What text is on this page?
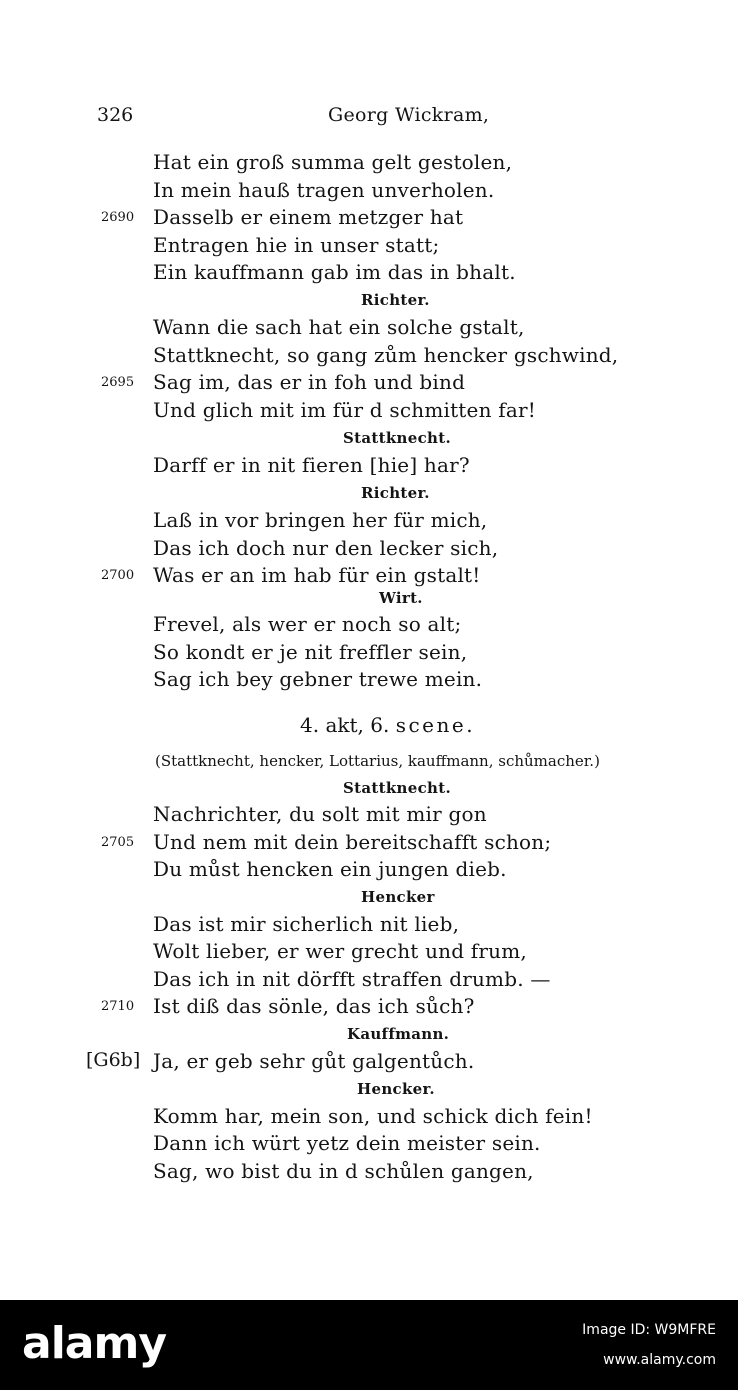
326	Georg Wickram,
Hat ein groß summa gelt gestolen,
In mein hauß tragen unverholen.
2690 Dasselb er einem metzger hat
Entragen hie in unser statt;
Ein kauffmann gab im das in bhalt.
Richter.
Wann die sach hat ein solche gstalt,
Stattknecht, so gang zům hencker gschwind,
2695 Sag im, das er in foh und bind
Und glich mit im für d schmitten far!
Stattknecht.
Darff er in nit fieren [hie] har?
Richter.
Laß in vor bringen her für mich,
Das ich doch nur den lecker sich,
2700 Was er an im hab für ein gstalt!
Wirt.
Frevel, als wer er noch so alt;
So kondt er je nit freffler sein,
Sag ich bey gebner trewe mein.
4. akt, 6. scene.
(Stattknecht, hencker, Lottarius, kauffmann, schůmacher.)
Stattknecht.
Nachrichter, du solt mit mir gon
2705 Und nem mit dein bereitschafft schon;
Du můst hencken ein jungen dieb.
Hencker
Das ist mir sicherlich nit lieb,
Wolt lieber, er wer grecht und frum,
Das ich in nit dörfft straffen drumb. —
2710 Ist diß das sönle, das ich sůch?
Kauffmann.
[G6b] Ja, er geb sehr gůt galgentůch.
Hencker.
Komm har, mein son, und schick dich fein!
Dann ich würt yetz dein meister sein.
Sag, wo bist du in d schůlen gangen,
alamy	Image ID: W9MFRE
www.alamy.com
